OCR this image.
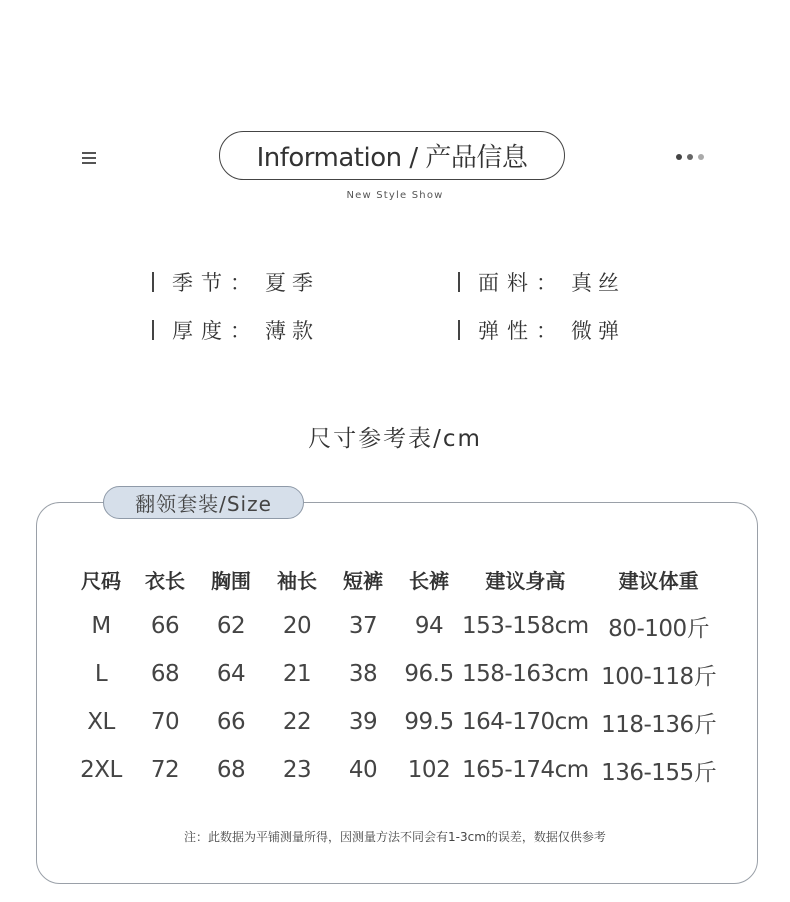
Information / 产品信息
New Style Show
季节： 夏季	面料： 真丝
厚度： 薄款	弹性： 微弹
尺寸参考表/cm
翻领套装/Size
尺码	衣长	胸围	袖长	短裤	长裤	建议身高	建议体重
M	66	62	20	37	94	153-158cm	80-100斤
L	68	64	21	38	96.5	158-163cm	100-118斤
XL	70	66	22	39	99.5	164-170cm	118-136斤
2XL	72	68	23	40	102	165-174cm	136-155斤
注：此数据为平铺测量所得，因测量方法不同会有1-3cm的误差，数据仅供参考
